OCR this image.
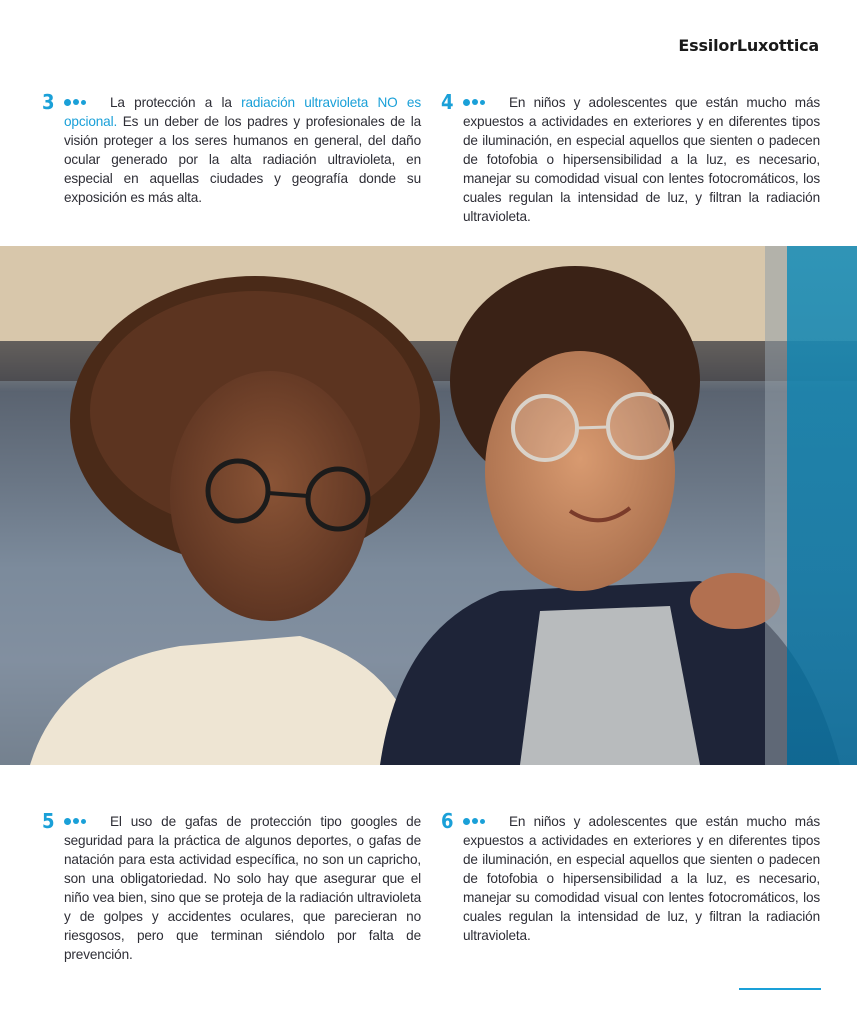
EssilorLuxottica
3	La protección a la radiación ultravioleta NO es opcional. Es un deber de los padres y profesionales de la visión proteger a los seres humanos en general, del daño ocular generado por la alta radiación ultravioleta, en especial en aquellas ciudades y geografía donde su exposición es más alta.

4	En niños y adolescentes que están mucho más expuestos a actividades en exteriores y en diferentes tipos de iluminación, en especial aquellos que sienten o padecen de fotofobia o hipersensibilidad a la luz, es necesario, manejar su comodidad visual con lentes fotocromáticos, los cuales regulan la intensidad de luz, y filtran la radiación ultravioleta.

5	El uso de gafas de protección tipo googles de seguridad para la práctica de algunos deportes, o gafas de natación para esta actividad específica, no son un capricho, son una obligatoriedad. No solo hay que asegurar que el niño vea bien, sino que se proteja de la radiación ultravioleta y de golpes y accidentes oculares, que parecieran no riesgosos, pero que terminan siéndolo por falta de prevención.

6	En niños y adolescentes que están mucho más expuestos a actividades en exteriores y en diferentes tipos de iluminación, en especial aquellos que sienten o padecen de fotofobia o hipersensibilidad a la luz, es necesario, manejar su comodidad visual con lentes fotocromáticos, los cuales regulan la intensidad de luz, y filtran la radiación ultravioleta.
